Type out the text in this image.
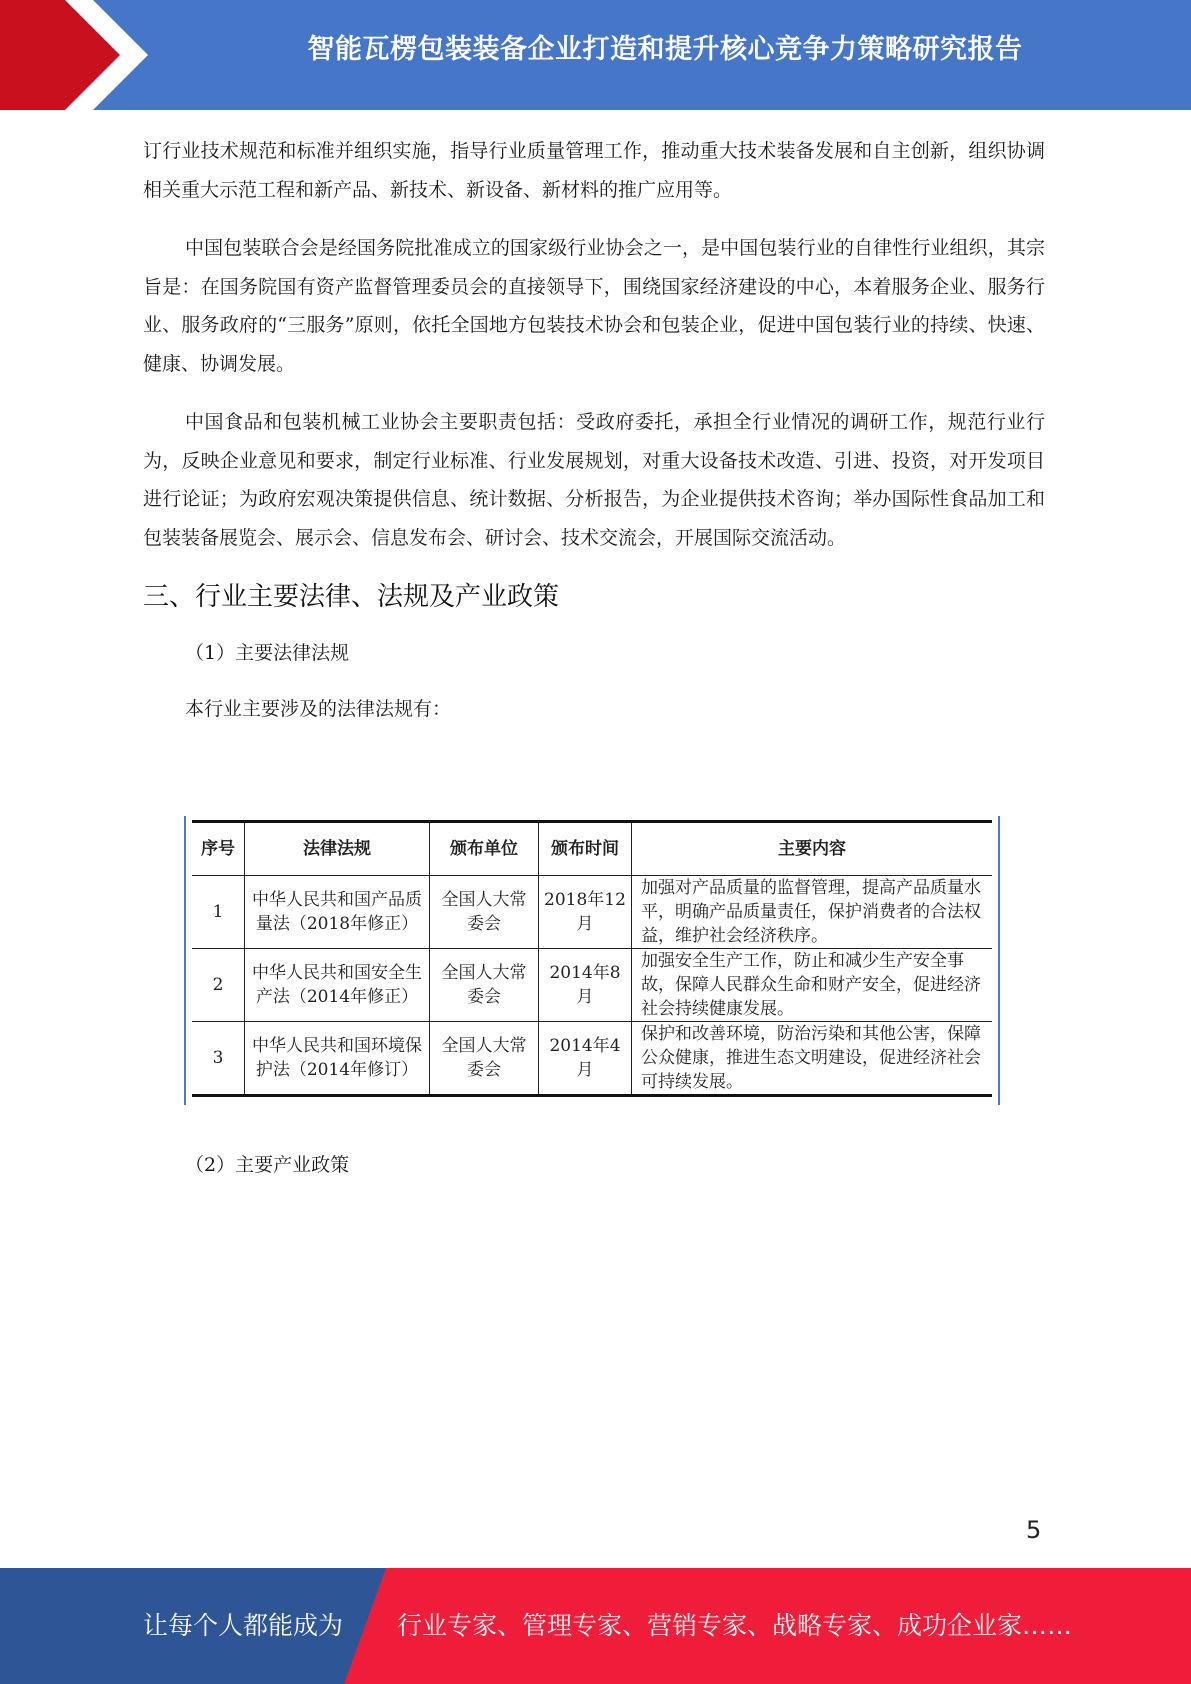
智能瓦楞包装装备企业打造和提升核心竞争力策略研究报告

订行业技术规范和标准并组织实施，指导行业质量管理工作，推动重大技术装备发展和自主创新，组织协调相关重大示范工程和新产品、新技术、新设备、新材料的推广应用等。

中国包装联合会是经国务院批准成立的国家级行业协会之一，是中国包装行业的自律性行业组织，其宗旨是：在国务院国有资产监督管理委员会的直接领导下，围绕国家经济建设的中心，本着服务企业、服务行业、服务政府的“三服务”原则，依托全国地方包装技术协会和包装企业，促进中国包装行业的持续、快速、健康、协调发展。

中国食品和包装机械工业协会主要职责包括：受政府委托，承担全行业情况的调研工作，规范行业行为，反映企业意见和要求，制定行业标准、行业发展规划，对重大设备技术改造、引进、投资，对开发项目进行论证；为政府宏观决策提供信息、统计数据、分析报告，为企业提供技术咨询；举办国际性食品加工和包装装备展览会、展示会、信息发布会、研讨会、技术交流会，开展国际交流活动。

三、行业主要法律、法规及产业政策
（1）主要法律法规
本行业主要涉及的法律法规有：
序号	法律法规	颁布单位	颁布时间	主要内容
1	中华人民共和国产品质量法（2018年修正）	全国人大常委会	2018年12月	加强对产品质量的监督管理，提高产品质量水平，明确产品质量责任，保护消费者的合法权益，维护社会经济秩序。
2	中华人民共和国安全生产法（2014年修正）	全国人大常委会	2014年8月	加强安全生产工作，防止和减少生产安全事故，保障人民群众生命和财产安全，促进经济社会持续健康发展。
3	中华人民共和国环境保护法（2014年修订）	全国人大常委会	2014年4月	保护和改善环境，防治污染和其他公害，保障公众健康，推进生态文明建设，促进经济社会可持续发展。
（2）主要产业政策
5
让每个人都能成为 行业专家、管理专家、营销专家、战略专家、成功企业家……
